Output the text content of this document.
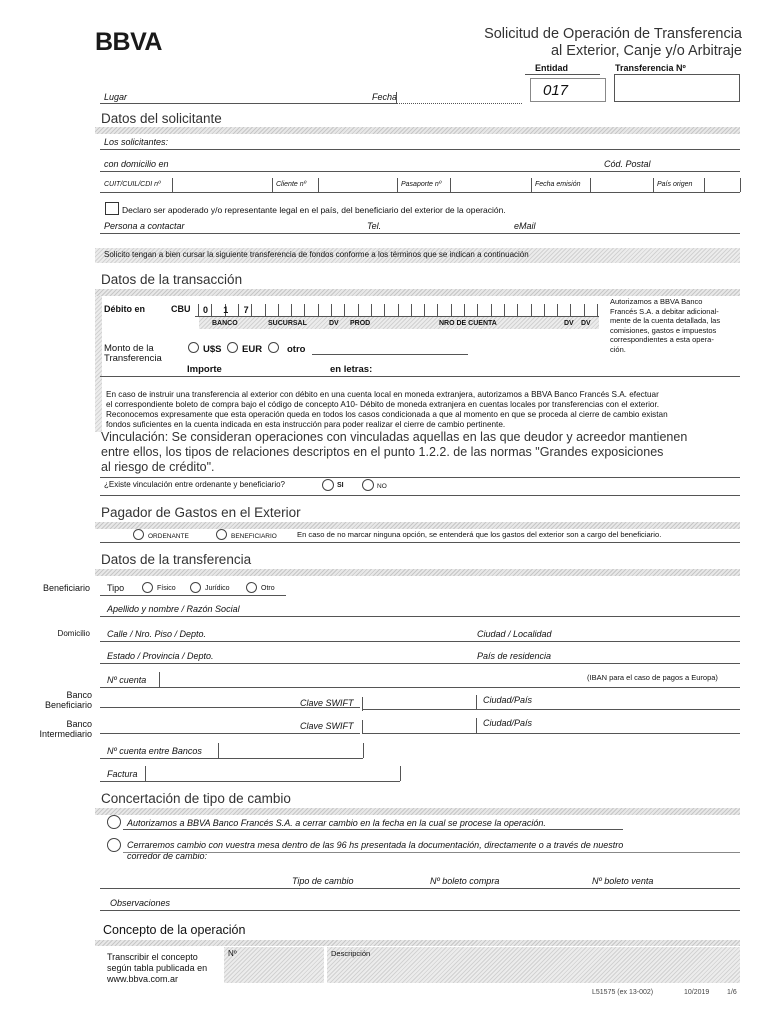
BBVA	Solicitud de Operación de Transferencia
al Exterior, Canje y/o Arbitraje
Entidad	Transferencia Nº
017
Lugar	Fecha
Datos del solicitante
Los solicitantes:
con domicilio en	Cód. Postal
CUIT/CUIL/CDI nº	Cliente nº	Pasaporte nº	Fecha emisión	País origen
Declaro ser apoderado y/o representante legal en el país, del beneficiario del exterior de la operación.
Persona a contactar	Tel.	eMail
Solicito tengan a bien cursar la siguiente transferencia de fondos conforme a los términos que se indican a continuación
Datos de la transacción
Débito en	CBU
BANCO	SUCURSAL	DV PROD	NRO DE CUENTA	DV DV
0 1 7
Autorizamos a BBVA Banco
Francés S.A. a debitar adicional-
mente de la cuenta detallada, las
comisiones, gastos e impuestos
correspondientes a esta opera-
ción.
Monto de la
Transferencia
U$S EUR	otro
Importe	en letras:
En caso de instruir una transferencia al exterior con débito en una cuenta local en moneda extranjera, autorizamos a BBVA Banco Francés S.A. efectuar
el correspondiente boleto de compra bajo el código de concepto A10- Débito de moneda extranjera en cuentas locales por transferencias con el exterior.
Reconocemos expresamente que esta operación queda en todos los casos condicionada a que al momento en que se proceda al cierre de cambio existan
fondos suficientes en la cuenta indicada en esta instrucción para poder realizar el cierre de cambio pertinente.
Vinculación: Se consideran operaciones con vinculadas aquellas en las que deudor y acreedor mantienen
entre ellos, los tipos de relaciones descriptos en el punto 1.2.2. de las normas "Grandes exposiciones
al riesgo de crédito".
¿Existe vinculación entre ordenante y beneficiario?	SI	NO
Pagador de Gastos en el Exterior
ORDENANTE	BENEFICIARIO	En caso de no marcar ninguna opción, se entenderá que los gastos del exterior son a cargo del beneficiario.
Datos de la transferencia
Beneficiario Tipo	Físico	Jurídico	Otro
Apellido y nombre / Razón Social
Domicilio Calle / Nro. Piso / Depto.	Ciudad / Localidad
Estado / Provincia / Depto.	País de residencia
Nº cuenta	(IBAN para el caso de pagos a Europa)
Banco
Beneficiario	Clave SWIFT	Ciudad/País
Banco
Intermediario
Clave SWIFT	Ciudad/País
Nº cuenta entre Bancos
Factura
Concertación de tipo de cambio
Autorizamos a BBVA Banco Francés S.A. a cerrar cambio en la fecha en la cual se procese la operación.
Cerraremos cambio con vuestra mesa dentro de las 96 hs presentada la documentación, directamente o a través de nuestro
corredor de cambio:
Tipo de cambio	Nº boleto compra	Nº boleto venta
Observaciones
Concepto de la operación
Transcribir el concepto
según tabla publicada en
www.bbva.com.ar
Nº	Descripción
L51575 (ex 13-002)	10/2019	1/6
